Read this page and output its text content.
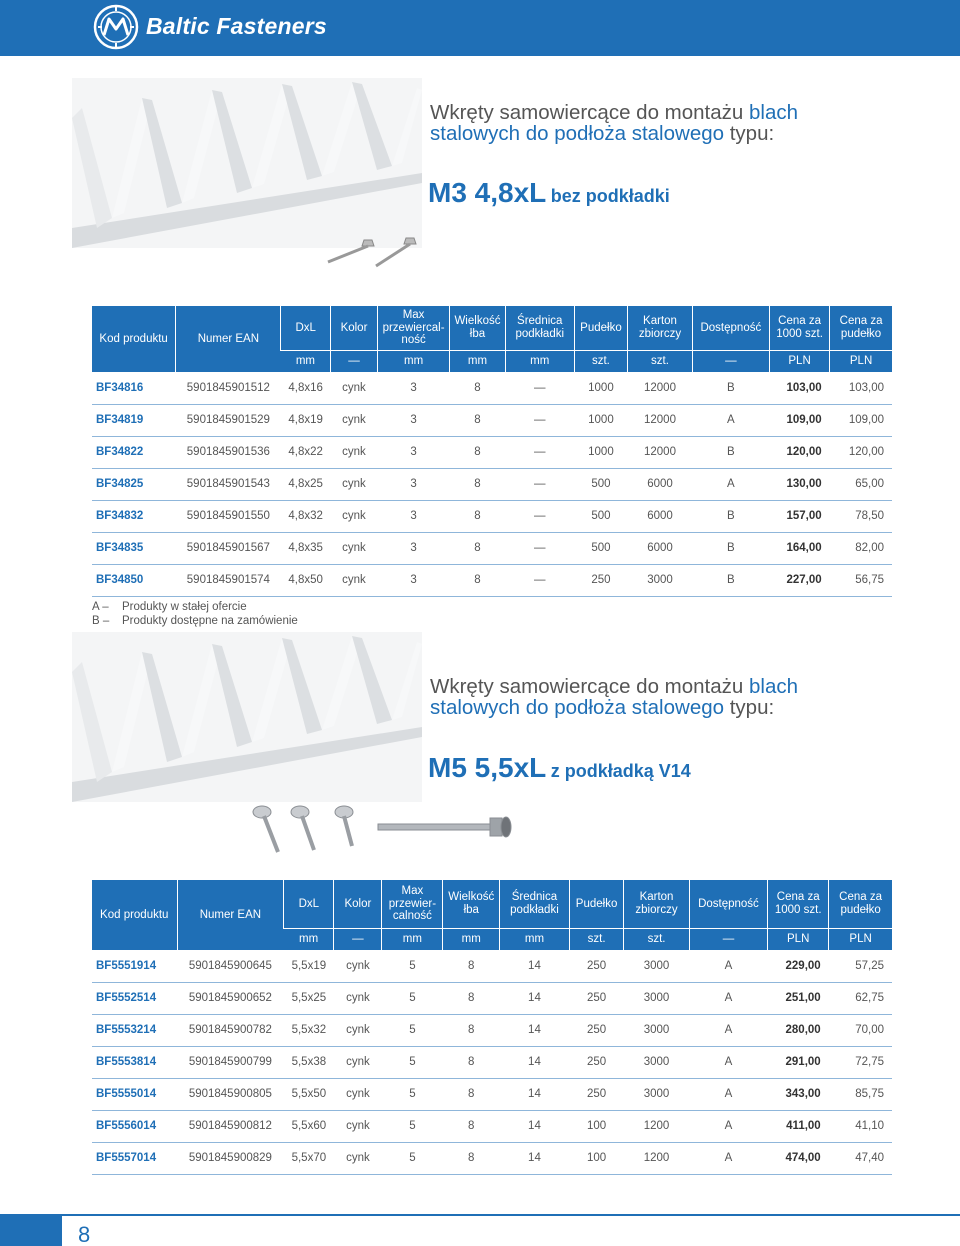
Baltic Fasteners
Wkręty samowiercące do montażu blach
stalowych do podłoża stalowego typu:
M3 4,8xL bez podkładki
Kod produktu	Numer EAN	DxL	Kolor	Max przewiercal-ność	Wielkość łba	Średnica podkładki	Pudełko	Karton zbiorczy	Dostępność	Cena za 1000 szt.	Cena za pudełko
		mm	—	mm	mm	mm	szt.	szt.	—	PLN	PLN
BF34816	5901845901512	4,8x16	cynk	3	8	—	1000	12000	B	103,00	103,00
BF34819	5901845901529	4,8x19	cynk	3	8	—	1000	12000	A	109,00	109,00
BF34822	5901845901536	4,8x22	cynk	3	8	—	1000	12000	B	120,00	120,00
BF34825	5901845901543	4,8x25	cynk	3	8	—	500	6000	A	130,00	65,00
BF34832	5901845901550	4,8x32	cynk	3	8	—	500	6000	B	157,00	78,50
BF34835	5901845901567	4,8x35	cynk	3	8	—	500	6000	B	164,00	82,00
BF34850	5901845901574	4,8x50	cynk	3	8	—	250	3000	B	227,00	56,75
A – Produkty w stałej ofercie
B – Produkty dostępne na zamówienie
Wkręty samowiercące do montażu blach
stalowych do podłoża stalowego typu:
M5 5,5xL z podkładką V14
Kod produktu	Numer EAN	DxL	Kolor	Max przewier-calność	Wielkość łba	Średnica podkładki	Pudełko	Karton zbiorczy	Dostępność	Cena za 1000 szt.	Cena za pudełko
		mm	—	mm	mm	mm	szt.	szt.	—	PLN	PLN
BF5551914	5901845900645	5,5x19	cynk	5	8	14	250	3000	A	229,00	57,25
BF5552514	5901845900652	5,5x25	cynk	5	8	14	250	3000	A	251,00	62,75
BF5553214	5901845900782	5,5x32	cynk	5	8	14	250	3000	A	280,00	70,00
BF5553814	5901845900799	5,5x38	cynk	5	8	14	250	3000	A	291,00	72,75
BF5555014	5901845900805	5,5x50	cynk	5	8	14	250	3000	A	343,00	85,75
BF5556014	5901845900812	5,5x60	cynk	5	8	14	100	1200	A	411,00	41,10
BF5557014	5901845900829	5,5x70	cynk	5	8	14	100	1200	A	474,00	47,40
8
